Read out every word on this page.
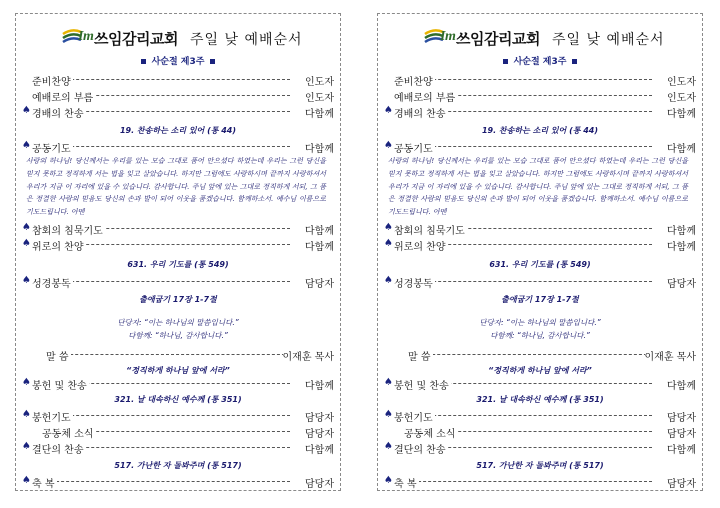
Im 쓰임감리교회 주일 낮 예배순서
사순절 제3주
준비찬양	인도자
예배로의 부름	인도자
♠ 경배의 찬송	다함께
19. 찬송하는 소리 있어 (통 44)
♠ 공동기도	다함께
사랑의 하나님! 당신께서는 우리를 있는 모습 그대로 품어 안으셨다 하였는데 우리는 그런 당신을 믿지 못하고 정직하게 서는 법을 잊고 살았습니다. 하지만 그럼에도 사랑하시며 끝까지 사랑하셔서 우리가 지금 이 자리에 있을 수 있습니다. 감사합니다. 주님 앞에 있는 그대로 정직하게 서되, 그 품은 정결한 사람의 믿음도 당신의 손과 발이 되어 이웃을 품겠습니다. 함께하소서. 예수님 이름으로 기도드립니다. 아멘
♠ 참회의 침묵기도	다함께
♠ 위로의 찬양	다함께
631. 우리 기도를 (통 549)
♠ 성경봉독	담당자
출애굽기 17장 1-7절
단당자: “이는 하나님의 말씀입니다.”
다함께: “하나님, 감사합니다.”
말 씀	이재훈 목사
“정직하게 하나님 앞에 서라”
♠ 봉헌 및 찬송	다함께
321. 날 대속하신 예수께 (통 351)
♠ 봉헌기도	담당자
공동체 소식	담당자
♠ 결단의 찬송	다함께
517. 가난한 자 돌봐주며 (통 517)
♠ 축 복	담당자
Im 쓰임감리교회 주일 낮 예배순서
사순절 제3주
준비찬양	인도자
예배로의 부름	인도자
♠ 경배의 찬송	다함께
19. 찬송하는 소리 있어 (통 44)
♠ 공동기도	다함께
사랑의 하나님! 당신께서는 우리를 있는 모습 그대로 품어 안으셨다 하였는데 우리는 그런 당신을 믿지 못하고 정직하게 서는 법을 잊고 살았습니다. 하지만 그럼에도 사랑하시며 끝까지 사랑하셔서 우리가 지금 이 자리에 있을 수 있습니다. 감사합니다. 주님 앞에 있는 그대로 정직하게 서되, 그 품은 정결한 사람의 믿음도 당신의 손과 발이 되어 이웃을 품겠습니다. 함께하소서. 예수님 이름으로 기도드립니다. 아멘
♠ 참회의 침묵기도	다함께
♠ 위로의 찬양	다함께
631. 우리 기도를 (통 549)
♠ 성경봉독	담당자
출애굽기 17장 1-7절
단당자: “이는 하나님의 말씀입니다.”
다함께: “하나님, 감사합니다.”
말 씀	이재훈 목사
“정직하게 하나님 앞에 서라”
♠ 봉헌 및 찬송	다함께
321. 날 대속하신 예수께 (통 351)
♠ 봉헌기도	담당자
공동체 소식	담당자
♠ 결단의 찬송	다함께
517. 가난한 자 돌봐주며 (통 517)
♠ 축 복	담당자
